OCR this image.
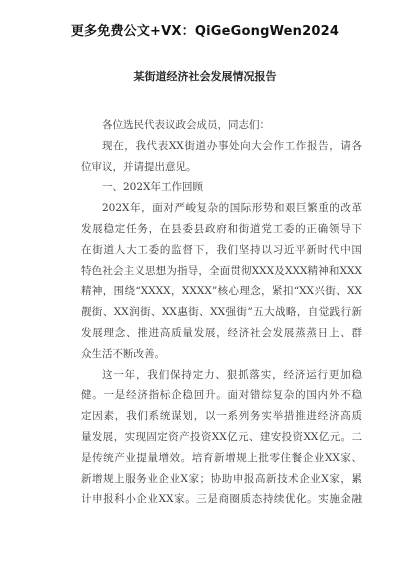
更多免费公文+VX：QiGeGongWen2024
某街道经济社会发展情况报告
各位选民代表议政会成员，同志们：
现在，我代表XX街道办事处向大会作工作报告，请各
位审议，并请提出意见。
一、202X年工作回顾
202X年，面对严峻复杂的国际形势和艰巨繁重的改革
发展稳定任务，在县委县政府和街道党工委的正确领导下
在街道人大工委的监督下，我们坚持以习近平新时代中国
特色社会主义思想为指导，全面贯彻XXX及XXX精神和XXX
精神，围绕“XXXX，XXXX”核心理念，紧扣“XX兴街、XX
靓街、XX润街、XX惠街、XX强街”五大战略，自觉践行新
发展理念、推进高质量发展，经济社会发展蒸蒸日上、群
众生活不断改善。
这一年，我们保持定力、狠抓落实，经济运行更加稳
健。一是经济指标企稳回升。面对错综复杂的国内外不稳
定因素，我们系统谋划，以一系列务实举措推进经济高质
量发展，实现固定资产投资XX亿元、建安投资XX亿元。二
是传统产业提量增效。培育新增规上批零住餐企业XX家、
新增规上服务业企业X家；协助申报高新技术企业X家，累
计申报科小企业XX家。三是商圈质态持续优化。实施金融
